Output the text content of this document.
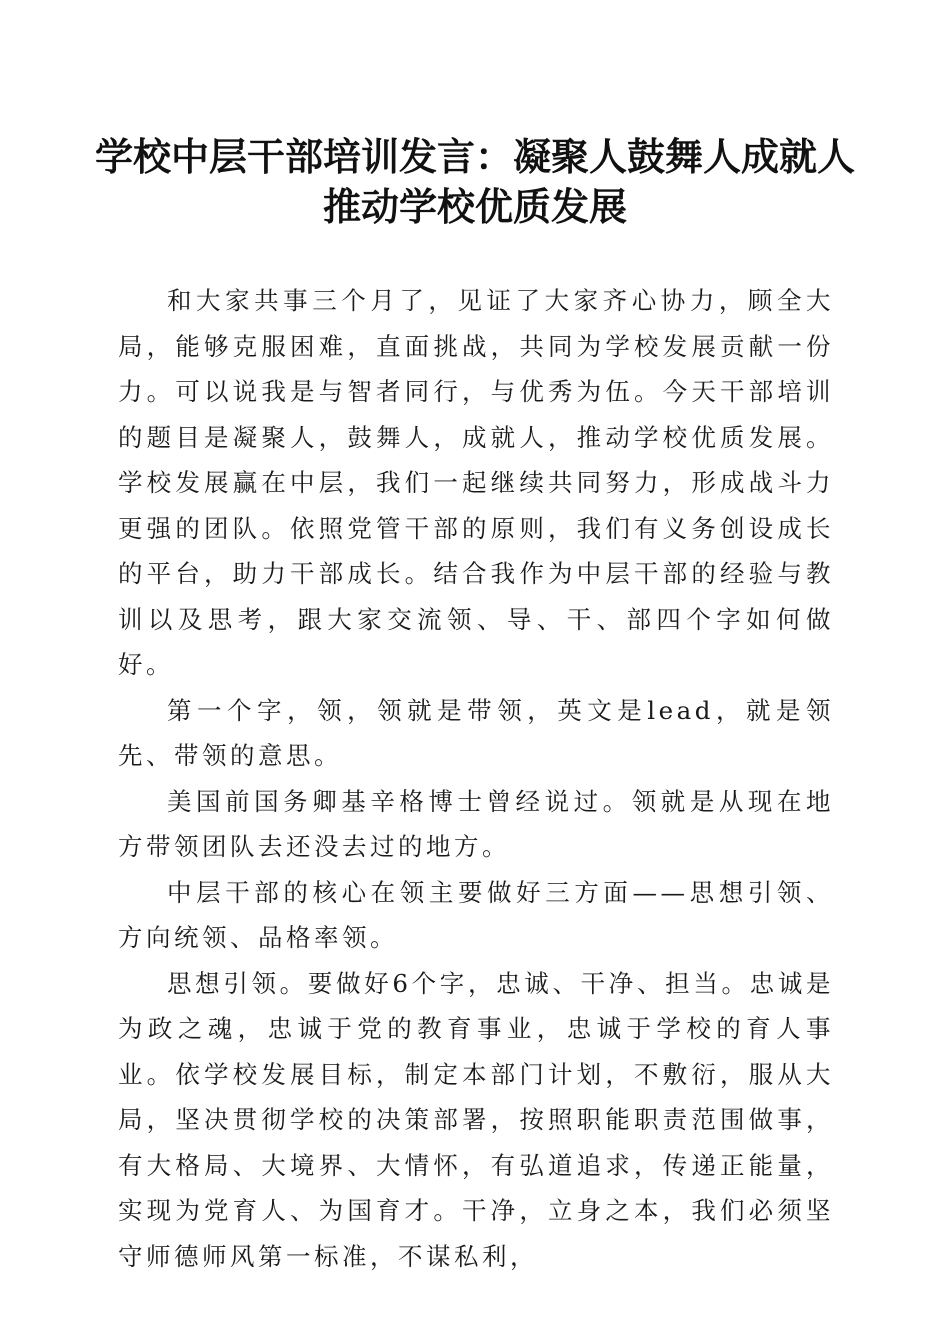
学校中层干部培训发言：凝聚人鼓舞人成就人
推动学校优质发展

和大家共事三个月了，见证了大家齐心协力，顾全大局，能够克服困难，直面挑战，共同为学校发展贡献一份力。可以说我是与智者同行，与优秀为伍。今天干部培训的题目是凝聚人，鼓舞人，成就人，推动学校优质发展。学校发展赢在中层，我们一起继续共同努力，形成战斗力更强的团队。依照党管干部的原则，我们有义务创设成长的平台，助力干部成长。结合我作为中层干部的经验与教训以及思考，跟大家交流领、导、干、部四个字如何做好。

第一个字，领，领就是带领，英文是lead，就是领先、带领的意思。

美国前国务卿基辛格博士曾经说过。领就是从现在地方带领团队去还没去过的地方。

中层干部的核心在领主要做好三方面——思想引领、方向统领、品格率领。

思想引领。要做好6个字，忠诚、干净、担当。忠诚是为政之魂，忠诚于党的教育事业，忠诚于学校的育人事业。依学校发展目标，制定本部门计划，不敷衍，服从大局，坚决贯彻学校的决策部署，按照职能职责范围做事，有大格局、大境界、大情怀，有弘道追求，传递正能量，实现为党育人、为国育才。干净，立身之本，我们必须坚守师德师风第一标准，不谋私利，
